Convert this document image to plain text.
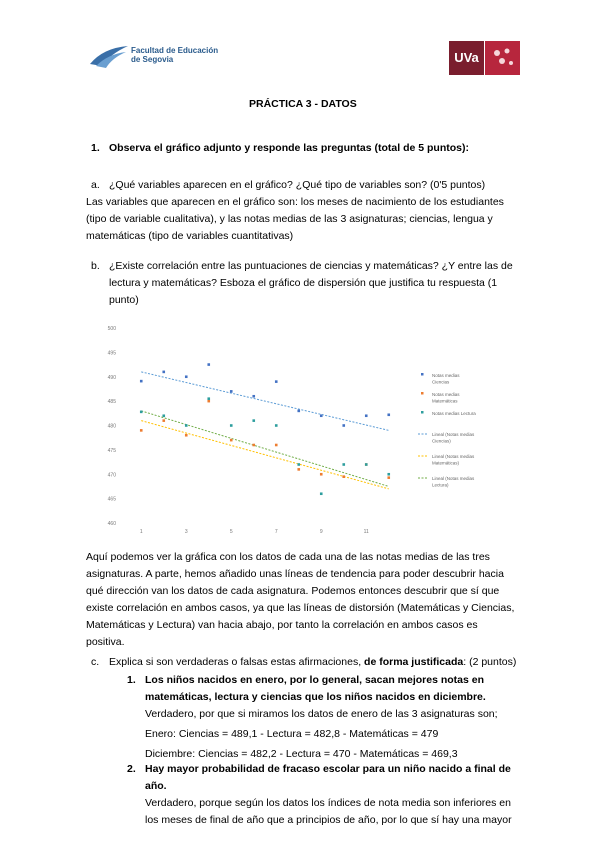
Facultad de Educación
de Segovia	UVa
PRÁCTICA 3 - DATOS
1. Observa el gráfico adjunto y responde las preguntas (total de 5 puntos):
a. ¿Qué variables aparecen en el gráfico? ¿Qué tipo de variables son? (0'5 puntos)
Las variables que aparecen en el gráfico son: los meses de nacimiento de los estudiantes
(tipo de variable cualitativa), y las notas medias de las 3 asignaturas; ciencias, lengua y
matemáticas (tipo de variables cuantitativas)
b. ¿Existe correlación entre las puntuaciones de ciencias y matemáticas? ¿Y entre las de
lectura y matemáticas? Esboza el gráfico de dispersión que justifica tu respuesta (1
punto)
460
465
470
475
480
485
490
495
500
1	3	5	7	9	11
Notas medias
Ciencias
Notas medias
Matemáticas
Notas medias Lectura
Lineal (Notas medias
Ciencias)
Lineal (Notas medias
Matemáticas)
Lineal (Notas medias
Lectura)
Aquí podemos ver la gráfica con los datos de cada una de las notas medias de las tres
asignaturas. A parte, hemos añadido unas líneas de tendencia para poder descubrir hacia
qué dirección van los datos de cada asignatura. Podemos entonces descubrir que sí que
existe correlación en ambos casos, ya que las líneas de distorsión (Matemáticas y Ciencias,
Matemáticas y Lectura) van hacia abajo, por tanto la correlación en ambos casos es
positiva.
c. Explica si son verdaderas o falsas estas afirmaciones, de forma justificada: (2 puntos)
1. Los niños nacidos en enero, por lo general, sacan mejores notas en
matemáticas, lectura y ciencias que los niños nacidos en diciembre.
Verdadero, por que si miramos los datos de enero de las 3 asignaturas son;
Enero: Ciencias = 489,1 - Lectura = 482,8 - Matemáticas = 479
Diciembre: Ciencias = 482,2 - Lectura = 470 - Matemáticas = 469,3
2. Hay mayor probabilidad de fracaso escolar para un niño nacido a final de
año.
Verdadero, porque según los datos los índices de nota media son inferiores en
los meses de final de año que a principios de año, por lo que sí hay una mayor
